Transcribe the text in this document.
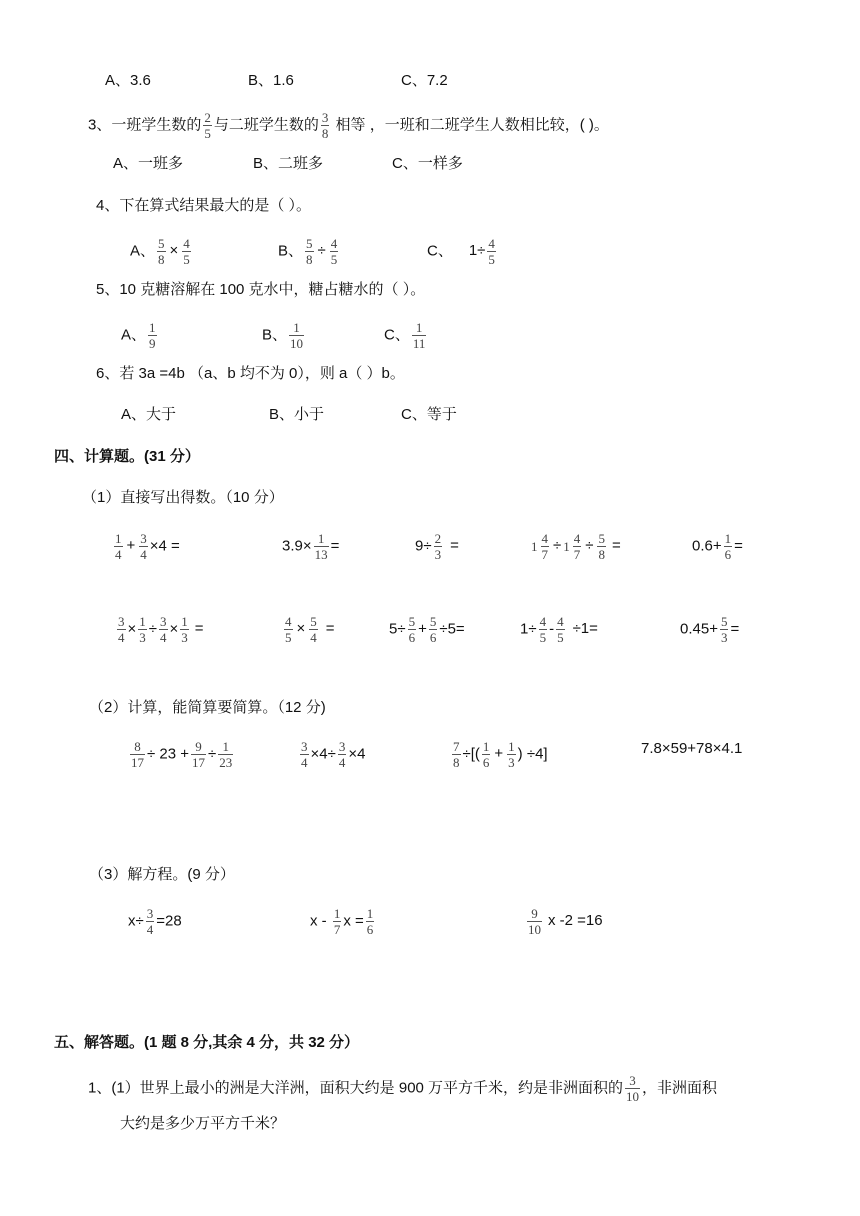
A、3.6	B、1.6	C、7.2
3、一班学生数的 $\frac{2}{5}$ 与二班学生数的 $\frac{3}{8}$ 相等 ，一班和二班学生人数相比较，( )。
A、一班多	B、二班多	C、一样多
4、下在算式结果最大的是（ ）。
A、 $\frac{5}{8} \times \frac{4}{5}$	B、 $\frac{5}{8} \div \frac{4}{5}$	C、 $1\div \frac{4}{5}$
5、10 克糖溶解在 100 克水中，糖占糖水的（ ）。
A、 $\frac{1}{9}$	B、 $\frac{1}{10}$	C、 $\frac{1}{11}$
6、若 3a =4b （a、b 均不为 0），则 a（ ）b。
A、大于	B、小于	C、等于
四、计算题。(31 分）
（1）直接写出得数。（10 分）
$\frac{1}{4} + \frac{3}{4} \times 4$ =	$3.9\times \frac{1}{13}$ =	$9\div \frac{2}{3}$ =	$1 \frac{4}{7} \div 1 \frac{4}{7} \div \frac{5}{8}$ =	$0.6+ \frac{1}{6}$ =
$\frac{3}{4} \times \frac{1}{3} \div \frac{3}{4} \times \frac{1}{3}$ =	$\frac{4}{5} \times \frac{5}{4}$ =	$5\div \frac{5}{6} + \frac{5}{6} \div 5=$	$1\div \frac{4}{5} - \frac{4}{5} \div 1=$	$0.45+ \frac{5}{3}$ =
（2）计算，能简算要简算。（12 分)
$\frac{8}{17} \div 23 + \frac{9}{17} \div \frac{1}{23}$	$\frac{3}{4} \times 4\div \frac{3}{4} \times 4$	$\frac{7}{8}$ ÷[( $\frac{1}{6} + \frac{1}{3}$ ) ÷4]	7.8×59+78×4.1
（3）解方程。(9 分）
$x\div \frac{3}{4} =28$	x - $\frac{1}{7}$ $x = \frac{1}{6}$	$\frac{9}{10}$ x -2 =16
五、解答题。(1 题 8 分,其余 4 分，共 32 分）
1、(1）世界上最小的洲是大洋洲，面积大约是 900 万平方千米，约是非洲面积的 $\frac{3}{10}$ ，非洲面积
大约是多少万平方千米？
